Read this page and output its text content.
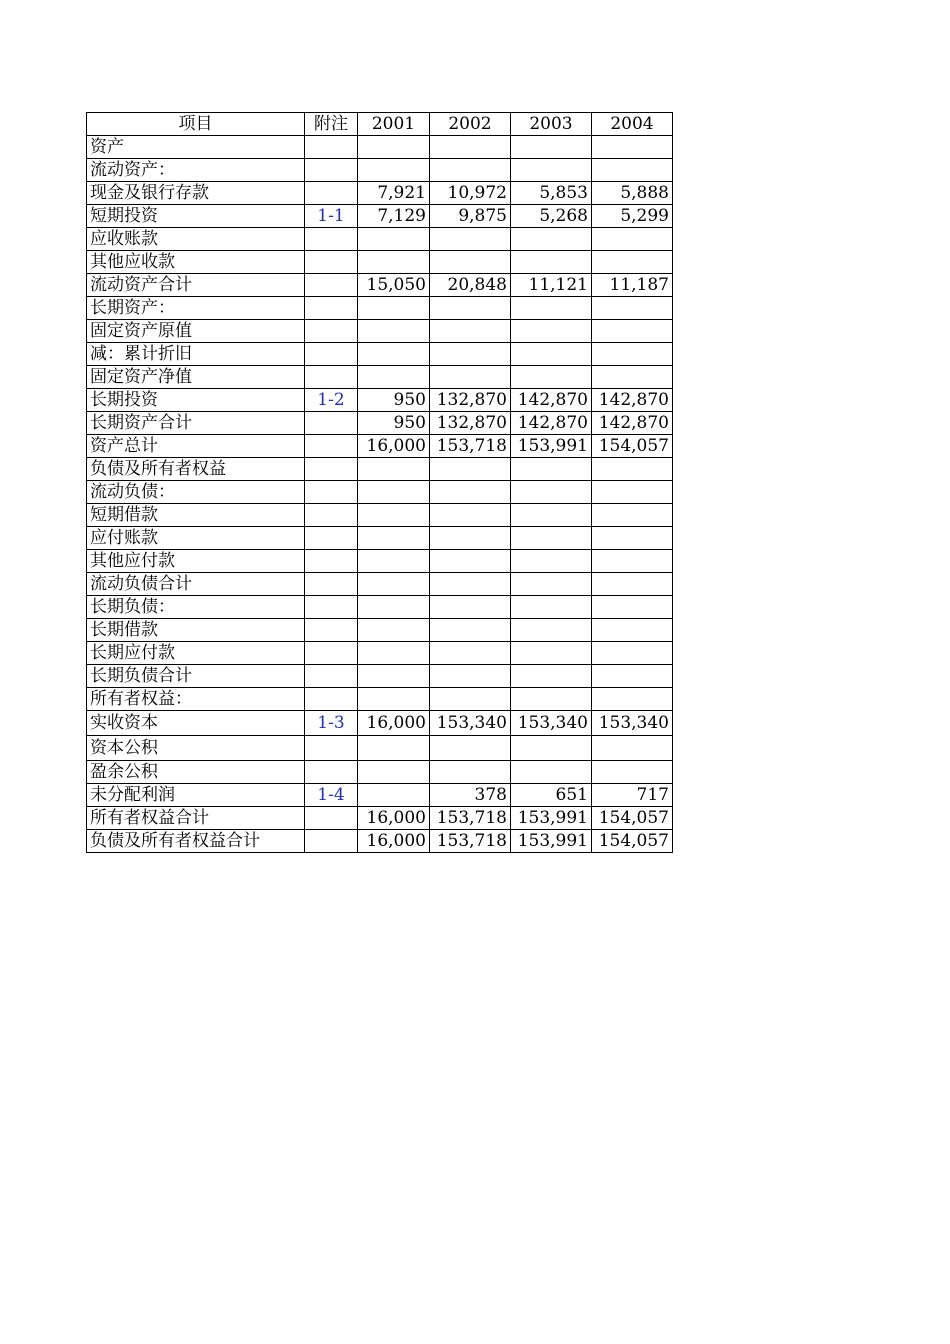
项目	附注	2001	2002	2003	2004
资产					
流动资产：					
现金及银行存款		7,921	10,972	5,853	5,888
短期投资	1-1	7,129	9,875	5,268	5,299
应收账款					
其他应收款					
流动资产合计		15,050	20,848	11,121	11,187
长期资产：					
固定资产原值					
减：累计折旧					
固定资产净值					
长期投资	1-2	950	132,870	142,870	142,870
长期资产合计		950	132,870	142,870	142,870
资产总计		16,000	153,718	153,991	154,057
负债及所有者权益					
流动负债：					
短期借款					
应付账款					
其他应付款					
流动负债合计					
长期负债：					
长期借款					
长期应付款					
长期负债合计					
所有者权益：					
实收资本	1-3	16,000	153,340	153,340	153,340
资本公积					
盈余公积					
未分配利润	1-4		378	651	717
所有者权益合计		16,000	153,718	153,991	154,057
负债及所有者权益合计		16,000	153,718	153,991	154,057
